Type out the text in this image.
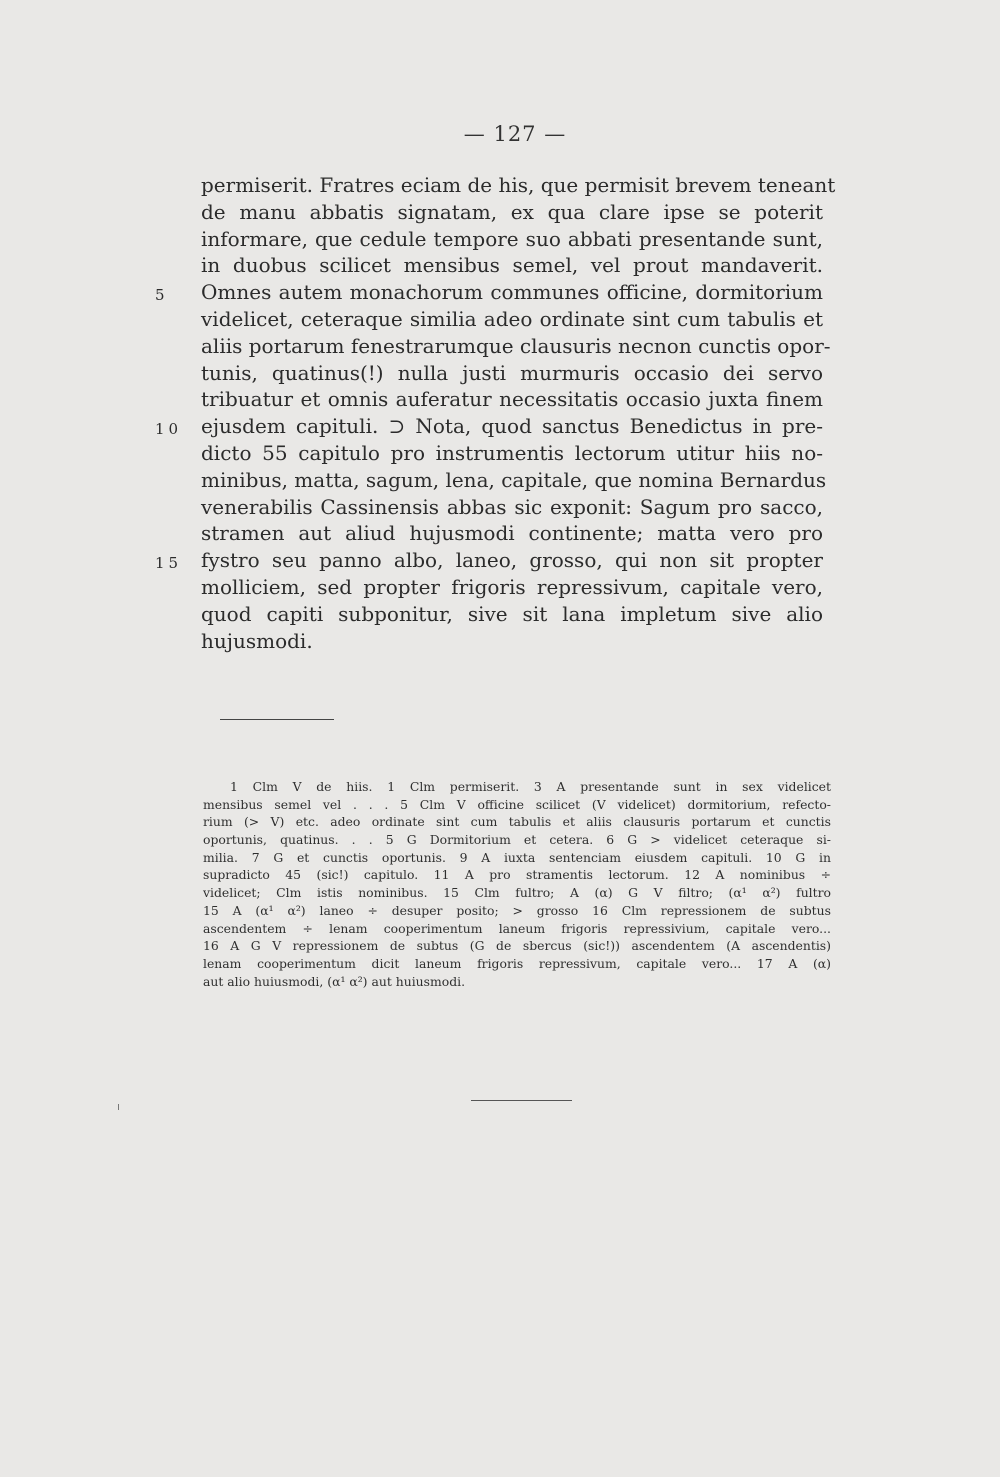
— 127 —
permiserit. Fratres eciam de his, que permisit brevem teneant
de manu abbatis signatam, ex qua clare ipse se poterit
informare, que cedule tempore suo abbati presentande sunt,
in duobus scilicet mensibus semel, vel prout mandaverit.
5	Omnes autem monachorum communes officine, dormitorium
videlicet, ceteraque similia adeo ordinate sint cum tabulis et
aliis portarum fenestrarumque clausuris necnon cunctis opor-
tunis, quatinus(!) nulla justi murmuris occasio dei servo
tribuatur et omnis auferatur necessitatis occasio juxta finem
10 ejusdem capituli. ⊃ Nota, quod sanctus Benedictus in pre-
dicto 55 capitulo pro instrumentis lectorum utitur hiis no-
minibus, matta, sagum, lena, capitale, que nomina Bernardus
venerabilis Cassinensis abbas sic exponit: Sagum pro sacco,
stramen aut aliud hujusmodi continente; matta vero pro
15 fystro seu panno albo, laneo, grosso, qui non sit propter
molliciem, sed propter frigoris repressivum, capitale vero,
quod capiti subponitur, sive sit lana impletum sive alio
hujusmodi.
1 Clm V de hiis. 1 Clm permiserit. 3 A presentande sunt in sex videlicet
mensibus semel vel . . . 5 Clm V officine scilicet (V videlicet) dormitorium, refecto-
rium (> V) etc. adeo ordinate sint cum tabulis et aliis clausuris portarum et cunctis
oportunis, quatinus. . . 5 G Dormitorium et cetera. 6 G > videlicet ceteraque si-
milia. 7 G et cunctis oportunis. 9 A iuxta sentenciam eiusdem capituli. 10 G in
supradicto 45 (sic!) capitulo. 11 A pro stramentis lectorum. 12 A nominibus ÷
videlicet; Clm istis nominibus. 15 Clm fultro; A (α) G V filtro; (α¹ α²) fultro
15 A (α¹ α²) laneo ÷ desuper posito; > grosso 16 Clm repressionem de subtus
ascendentem ÷ lenam cooperimentum laneum frigoris repressivium, capitale vero...
16 A G V repressionem de subtus (G de sbercus (sic!)) ascendentem (A ascendentis)
lenam cooperimentum dicit laneum frigoris repressivum, capitale vero... 17 A (α)
aut alio huiusmodi, (α¹ α²) aut huiusmodi.
